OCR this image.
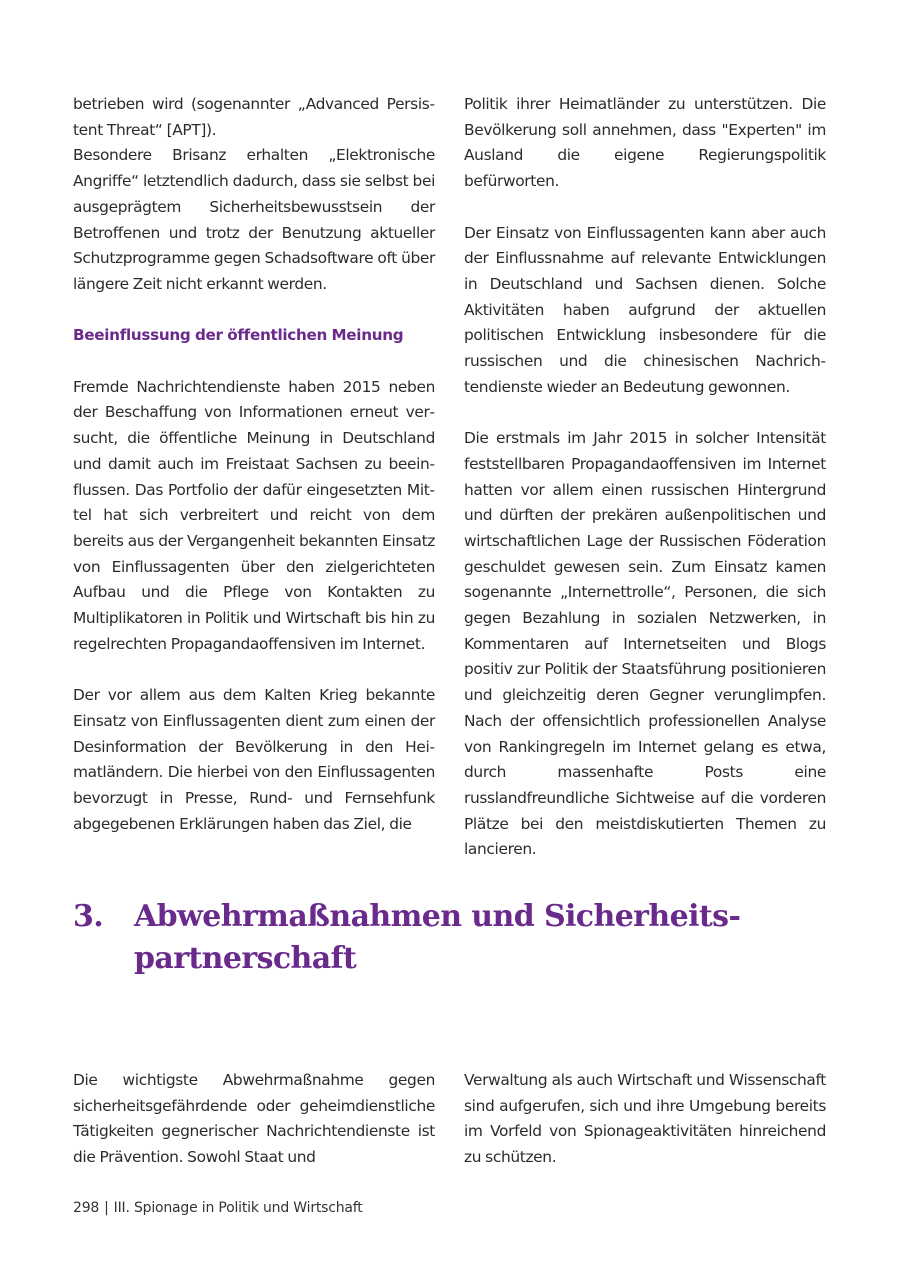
betrieben wird (sogenannter „Advanced Persistent Threat“ [APT]).

Besondere Brisanz erhalten „Elektronische Angriffe“ letztendlich dadurch, dass sie selbst bei ausgeprägtem Sicherheitsbewusstsein der Betroffenen und trotz der Benutzung aktueller Schutzprogramme gegen Schadsoftware oft über längere Zeit nicht erkannt werden.

Beeinflussung der öffentlichen Meinung

Fremde Nachrichtendienste haben 2015 neben der Beschaffung von Informationen erneut versucht, die öffentliche Meinung in Deutschland und damit auch im Freistaat Sachsen zu beeinflussen. Das Portfolio der dafür eingesetzten Mittel hat sich verbreitert und reicht von dem bereits aus der Vergangenheit bekannten Einsatz von Einflussagenten über den zielgerichteten Aufbau und die Pflege von Kontakten zu Multiplikatoren in Politik und Wirtschaft bis hin zu regelrechten Propagandaoffensiven im Internet.

Der vor allem aus dem Kalten Krieg bekannte Einsatz von Einflussagenten dient zum einen der Desinformation der Bevölkerung in den Heimatländern. Die hierbei von den Einflussagenten bevorzugt in Presse, Rund- und Fernsehfunk abgegebenen Erklärungen haben das Ziel, die

Politik ihrer Heimatländer zu unterstützen. Die Bevölkerung soll annehmen, dass "Experten" im Ausland die eigene Regierungspolitik befürworten.

Der Einsatz von Einflussagenten kann aber auch der Einflussnahme auf relevante Entwicklungen in Deutschland und Sachsen dienen. Solche Aktivitäten haben aufgrund der aktuellen politischen Entwicklung insbesondere für die russischen und die chinesischen Nachrichtendienste wieder an Bedeutung gewonnen.

Die erstmals im Jahr 2015 in solcher Intensität feststellbaren Propagandaoffensiven im Internet hatten vor allem einen russischen Hintergrund und dürften der prekären außenpolitischen und wirtschaftlichen Lage der Russischen Föderation geschuldet gewesen sein. Zum Einsatz kamen sogenannte „Internettrolle“, Personen, die sich gegen Bezahlung in sozialen Netzwerken, in Kommentaren auf Internetseiten und Blogs positiv zur Politik der Staatsführung positionieren und gleichzeitig deren Gegner verunglimpfen. Nach der offensichtlich professionellen Analyse von Rankingregeln im Internet gelang es etwa, durch massenhafte Posts eine russlandfreundliche Sichtweise auf die vorderen Plätze bei den meistdiskutierten Themen zu lancieren.

3. Abwehrmaßnahmen und Sicherheitspartnerschaft

Die wichtigste Abwehrmaßnahme gegen sicherheitsgefährdende oder geheimdienstliche Tätigkeiten gegnerischer Nachrichtendienste ist die Prävention. Sowohl Staat und

Verwaltung als auch Wirtschaft und Wissenschaft sind aufgerufen, sich und ihre Umgebung bereits im Vorfeld von Spionageaktivitäten hinreichend zu schützen.

298 | III. Spionage in Politik und Wirtschaft
